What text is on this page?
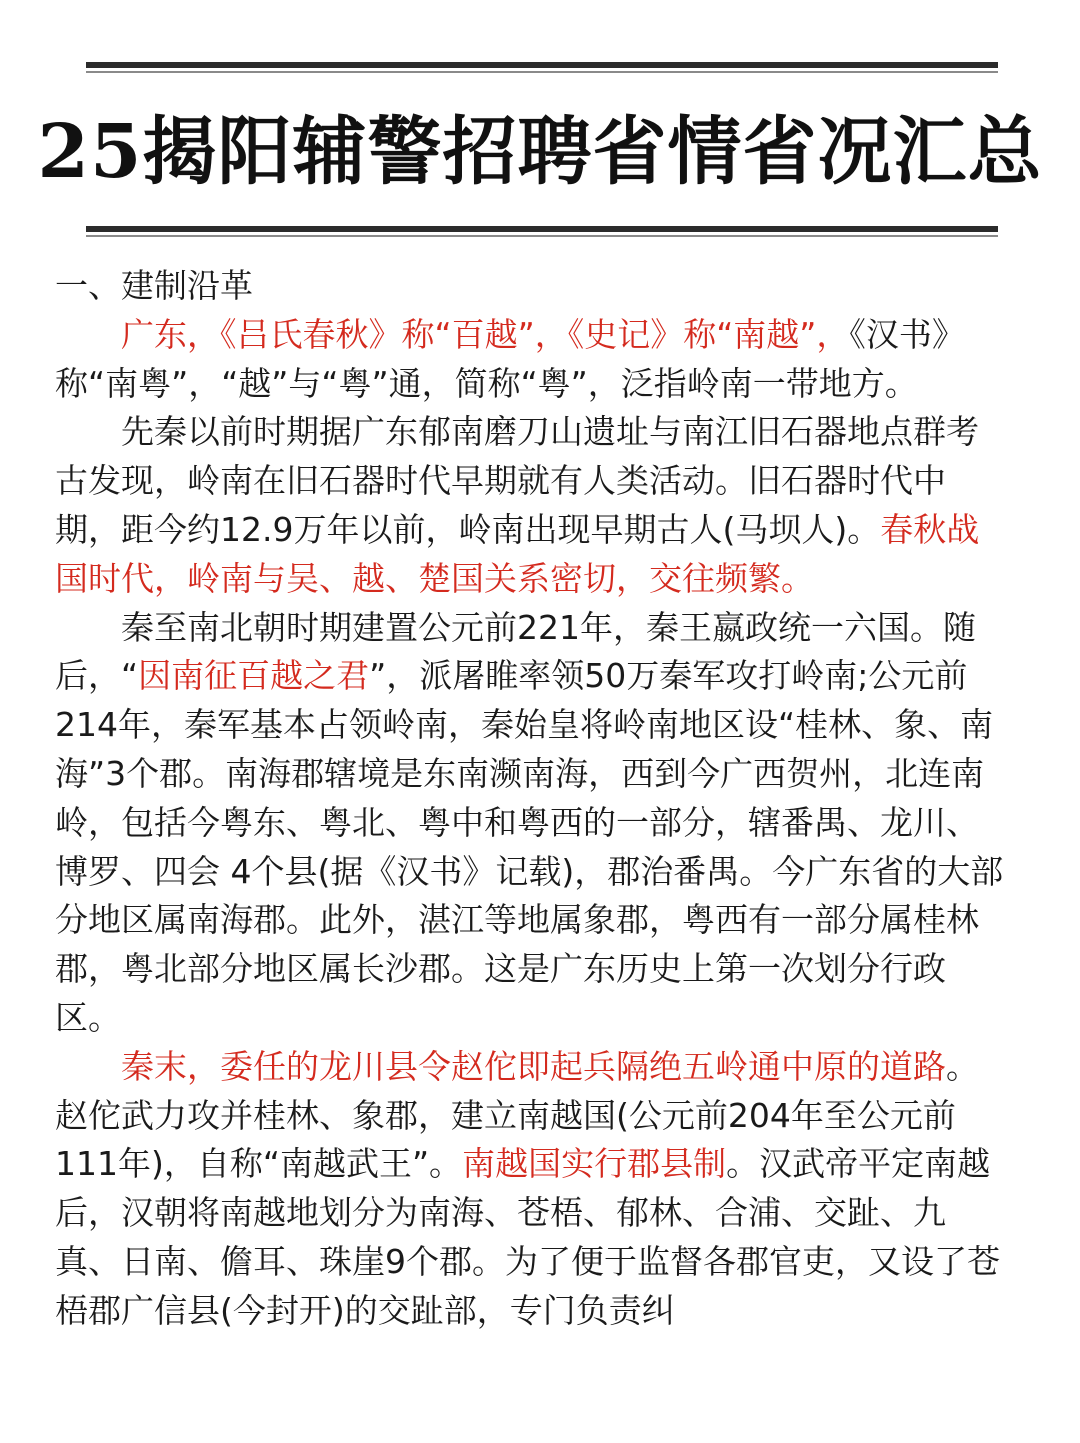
25揭阳辅警招聘省情省况汇总

一、建制沿革

广东，《吕氏春秋》称“百越”，《史记》称“南越”，《汉书》称“南粤”，“越”与“粤”通，简称“粤”，泛指岭南一带地方。

先秦以前时期据广东郁南磨刀山遗址与南江旧石器地点群考古发现，岭南在旧石器时代早期就有人类活动。旧石器时代中期，距今约12.9万年以前，岭南出现早期古人(马坝人)。春秋战国时代，岭南与吴、越、楚国关系密切，交往频繁。

秦至南北朝时期建置公元前221年，秦王嬴政统一六国。随后，“因南征百越之君”，派屠睢率领50万秦军攻打岭南;公元前214年，秦军基本占领岭南，秦始皇将岭南地区设“桂林、象、南海”3个郡。南海郡辖境是东南濒南海，西到今广西贺州，北连南岭，包括今粤东、粤北、粤中和粤西的一部分，辖番禺、龙川、博罗、四会 4个县(据《汉书》记载)，郡治番禺。今广东省的大部分地区属南海郡。此外，湛江等地属象郡，粤西有一部分属桂林郡，粤北部分地区属长沙郡。这是广东历史上第一次划分行政区。

秦末，委任的龙川县令赵佗即起兵隔绝五岭通中原的道路。赵佗武力攻并桂林、象郡，建立南越国(公元前204年至公元前111年)，自称“南越武王”。南越国实行郡县制。汉武帝平定南越后，汉朝将南越地划分为南海、苍梧、郁林、合浦、交趾、九真、日南、儋耳、珠崖9个郡。为了便于监督各郡官吏，又设了苍梧郡广信县(今封开)的交趾部，专门负责纠
